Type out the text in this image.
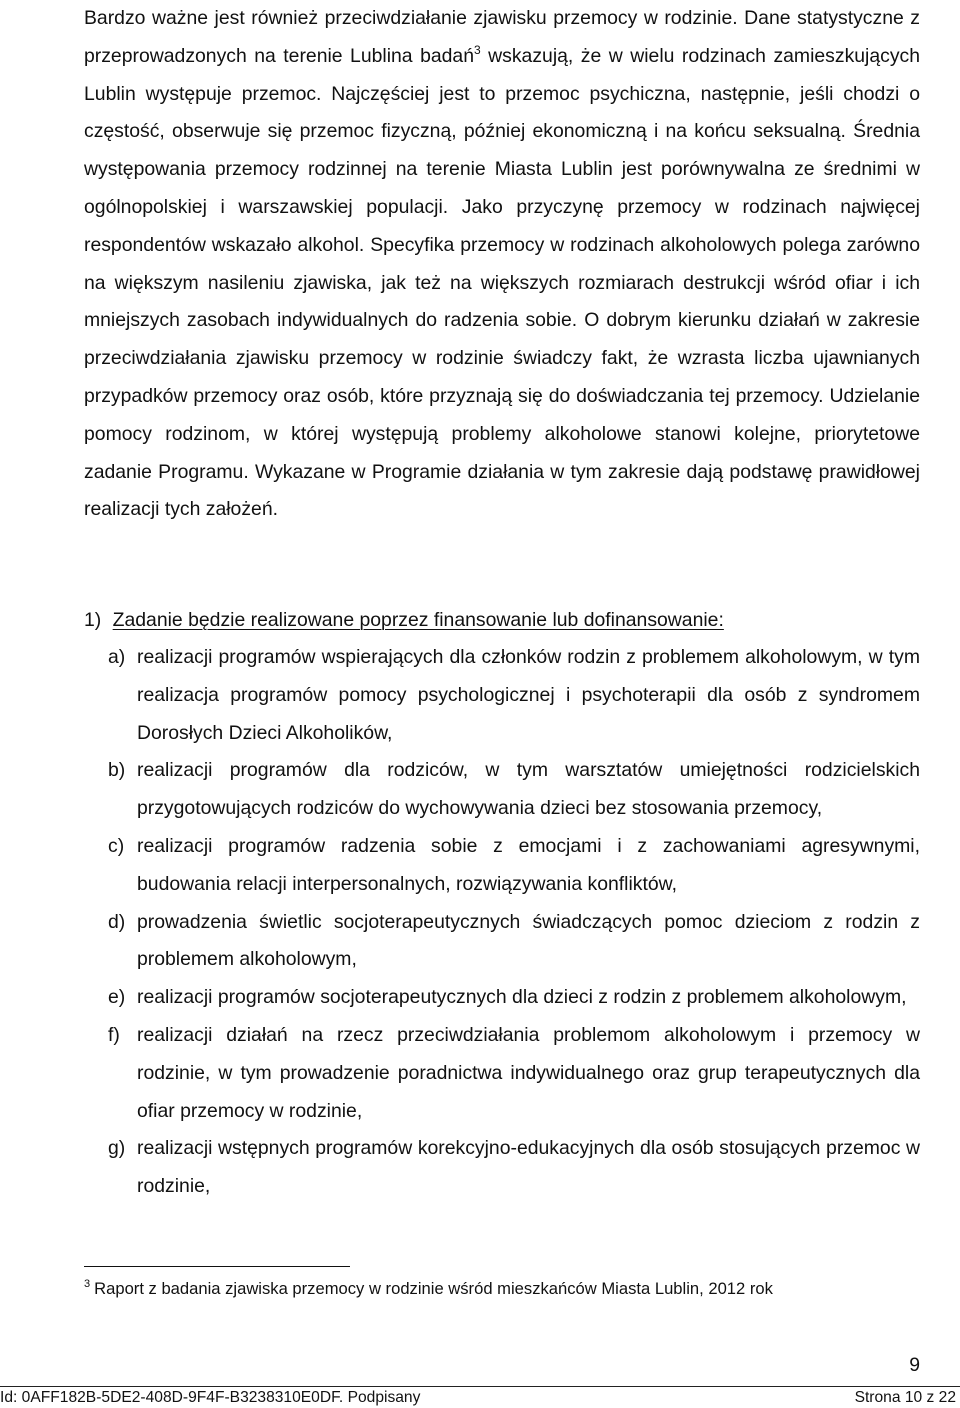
Bardzo ważne jest również przeciwdziałanie zjawisku przemocy w rodzinie. Dane statystyczne z przeprowadzonych na terenie Lublina badań$^3$ wskazują, że w wielu rodzinach zamieszkujących Lublin występuje przemoc. Najczęściej jest to przemoc psychiczna, następnie, jeśli chodzi o częstość, obserwuje się przemoc fizyczną, później ekonomiczną i na końcu seksualną. Średnia występowania przemocy rodzinnej na terenie Miasta Lublin jest porównywalna ze średnimi w ogólnopolskiej i warszawskiej populacji. Jako przyczynę przemocy w rodzinach najwięcej respondentów wskazało alkohol. Specyfika przemocy w rodzinach alkoholowych polega zarówno na większym nasileniu zjawiska, jak też na większych rozmiarach destrukcji wśród ofiar i ich mniejszych zasobach indywidualnych do radzenia sobie. O dobrym kierunku działań w zakresie przeciwdziałania zjawisku przemocy w rodzinie świadczy fakt, że wzrasta liczba ujawnianych przypadków przemocy oraz osób, które przyznają się do doświadczania tej przemocy. Udzielanie pomocy rodzinom, w której występują problemy alkoholowe stanowi kolejne, priorytetowe zadanie Programu. Wykazane w Programie działania w tym zakresie dają podstawę prawidłowej realizacji tych założeń.

1) Zadanie będzie realizowane poprzez finansowanie lub dofinansowanie:
a) realizacji programów wspierających dla członków rodzin z problemem alkoholowym, w tym realizacja programów pomocy psychologicznej i psychoterapii dla osób z syndromem Dorosłych Dzieci Alkoholików,
b) realizacji programów dla rodziców, w tym warsztatów umiejętności rodzicielskich przygotowujących rodziców do wychowywania dzieci bez stosowania przemocy,
c) realizacji programów radzenia sobie z emocjami i z zachowaniami agresywnymi, budowania relacji interpersonalnych, rozwiązywania konfliktów,
d) prowadzenia świetlic socjoterapeutycznych świadczących pomoc dzieciom z rodzin z problemem alkoholowym,
e) realizacji programów socjoterapeutycznych dla dzieci z rodzin z problemem alkoholowym,
f) realizacji działań na rzecz przeciwdziałania problemom alkoholowym i przemocy w rodzinie, w tym prowadzenie poradnictwa indywidualnego oraz grup terapeutycznych dla ofiar przemocy w rodzinie,
g) realizacji wstępnych programów korekcyjno-edukacyjnych dla osób stosujących przemoc w rodzinie,
$^3$ Raport z badania zjawiska przemocy w rodzinie wśród mieszkańców Miasta Lublin, 2012 rok
9
Id: 0AFF182B-5DE2-408D-9F4F-B3238310E0DF. Podpisany	Strona 10 z 22
